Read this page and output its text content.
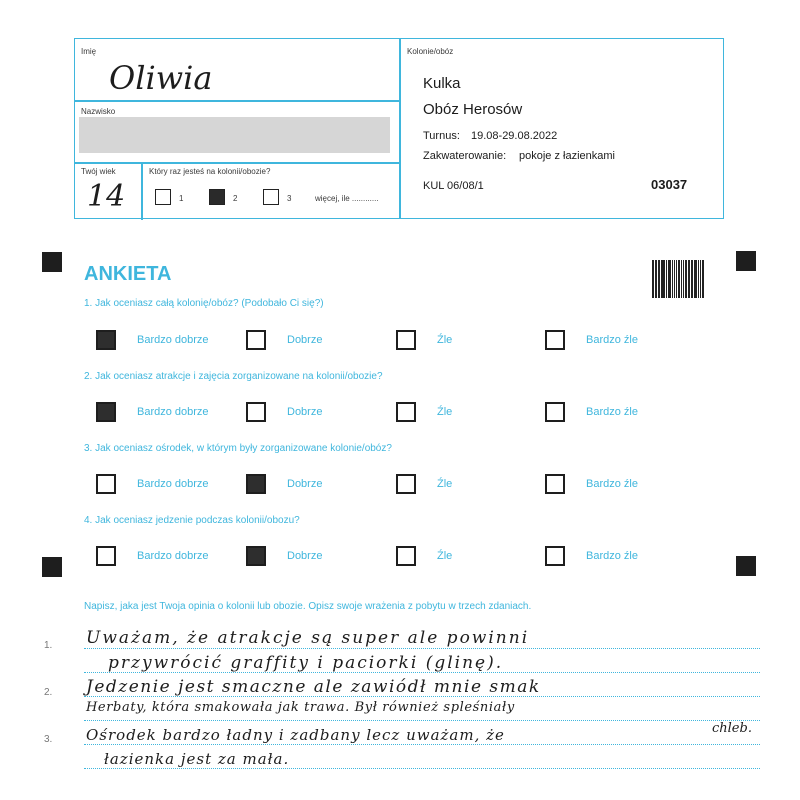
Imię
Oliwia
Nazwisko
Twój wiek
14
Który raz jesteś na kolonii/obozie?
1	2	3	więcej, ile ............
Kolonie/obóz
Kulka
Obóz Herosów
Turnus: 19.08-29.08.2022
Zakwaterowanie: pokoje z łazienkami
KUL 06/08/1	03037
ANKIETA
1. Jak oceniasz całą kolonię/obóz? (Podobało Ci się?)
2. Jak oceniasz atrakcje i zajęcia zorganizowane na kolonii/obozie?
3. Jak oceniasz ośrodek, w którym były zorganizowane kolonie/obóz?
4. Jak oceniasz jedzenie podczas kolonii/obozu?
Bardzo dobrze	Dobrze	Źle	Bardzo źle
Bardzo dobrze	Dobrze	Źle	Bardzo źle
Bardzo dobrze	Dobrze	Źle	Bardzo źle
Bardzo dobrze	Dobrze	Źle	Bardzo źle
Napisz, jaka jest Twoja opinia o kolonii lub obozie. Opisz swoje wrażenia z pobytu w trzech zdaniach.
1.
2.
3.
Uważam, że atrakcje są super ale powinni
przywrócić graffity i paciorki (glinę).
Jedzenie jest smaczne ale zawiódł mnie smak
Herbaty, która smakowała jak trawa. Był również spleśniały
chleb.
Ośrodek bardzo ładny i zadbany lecz uważam, że
łazienka jest za mała.
